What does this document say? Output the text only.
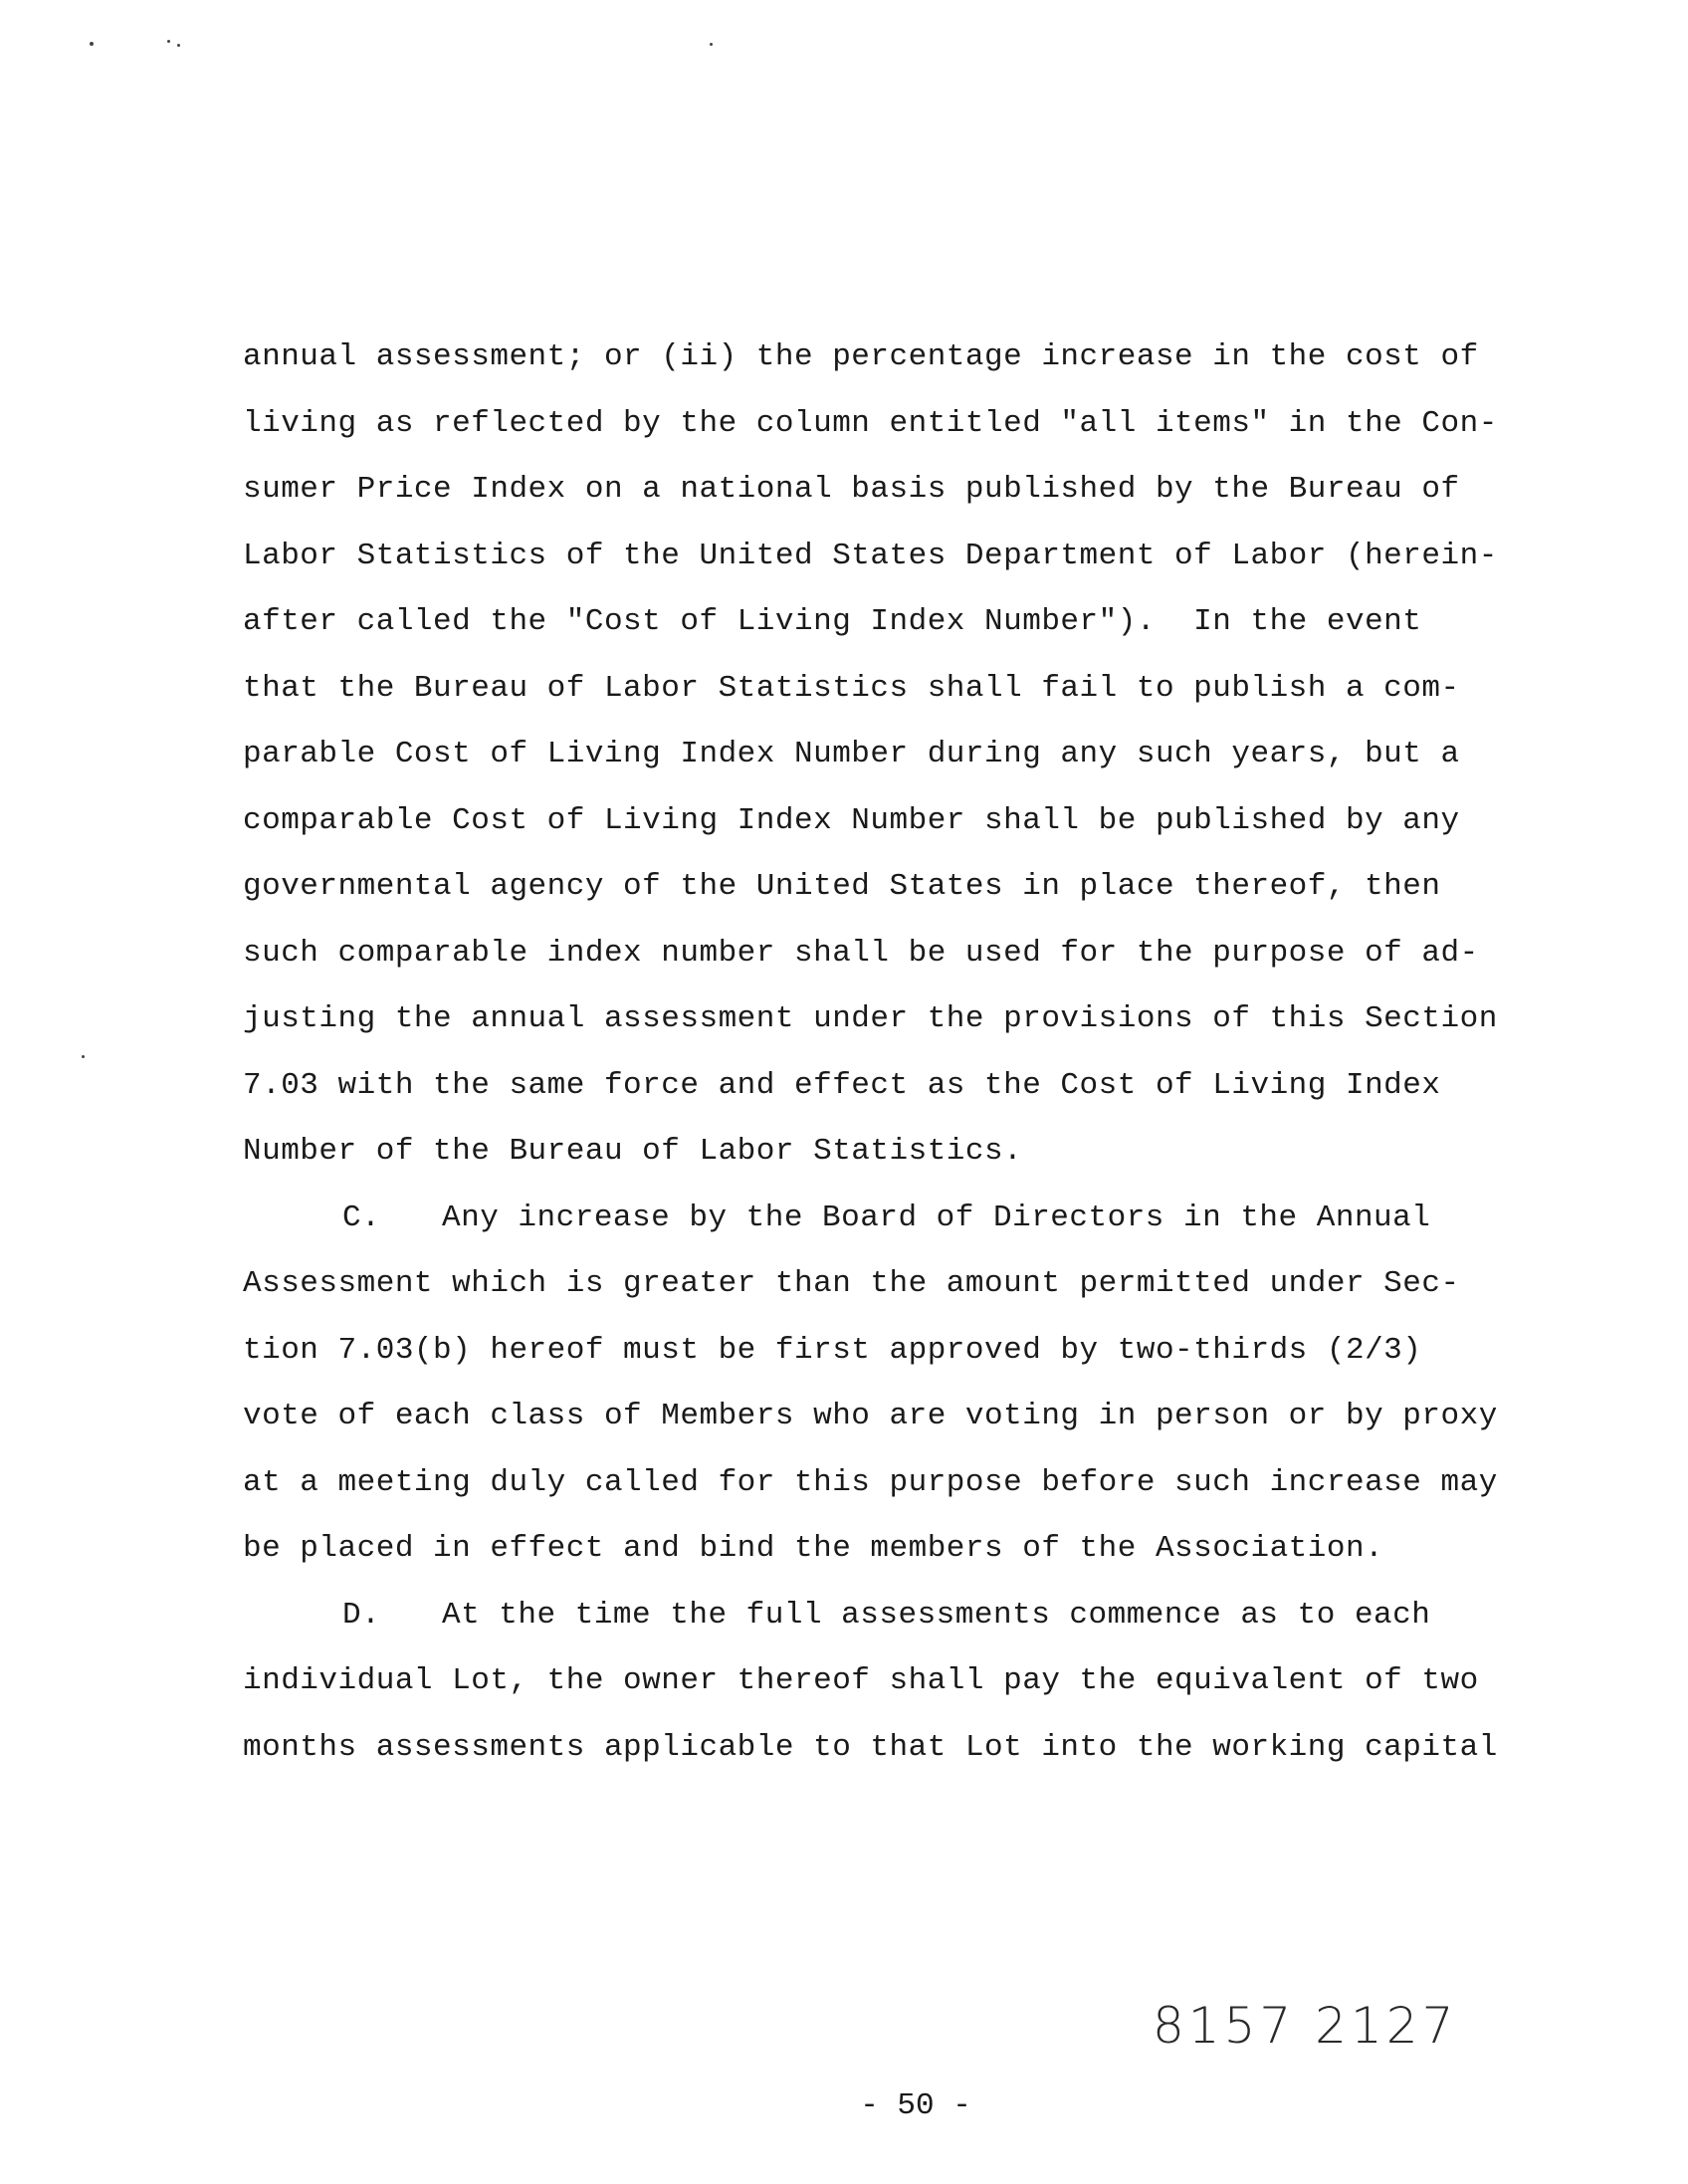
annual assessment; or (ii) the percentage increase in the cost of
living as reflected by the column entitled "all items" in the Con-
sumer Price Index on a national basis published by the Bureau of
Labor Statistics of the United States Department of Labor (herein-
after called the "Cost of Living Index Number").  In the event
that the Bureau of Labor Statistics shall fail to publish a com-
parable Cost of Living Index Number during any such years, but a
comparable Cost of Living Index Number shall be published by any
governmental agency of the United States in place thereof, then
such comparable index number shall be used for the purpose of ad-
justing the annual assessment under the provisions of this Section
7.03 with the same force and effect as the Cost of Living Index
Number of the Bureau of Labor Statistics.
C. Any increase by the Board of Directors in the Annual
Assessment which is greater than the amount permitted under Sec-
tion 7.03(b) hereof must be first approved by two-thirds (2/3)
vote of each class of Members who are voting in person or by proxy
at a meeting duly called for this purpose before such increase may
be placed in effect and bind the members of the Association.
D. At the time the full assessments commence as to each
individual Lot, the owner thereof shall pay the equivalent of two
months assessments applicable to that Lot into the working capital
8157 2127
- 50 -
